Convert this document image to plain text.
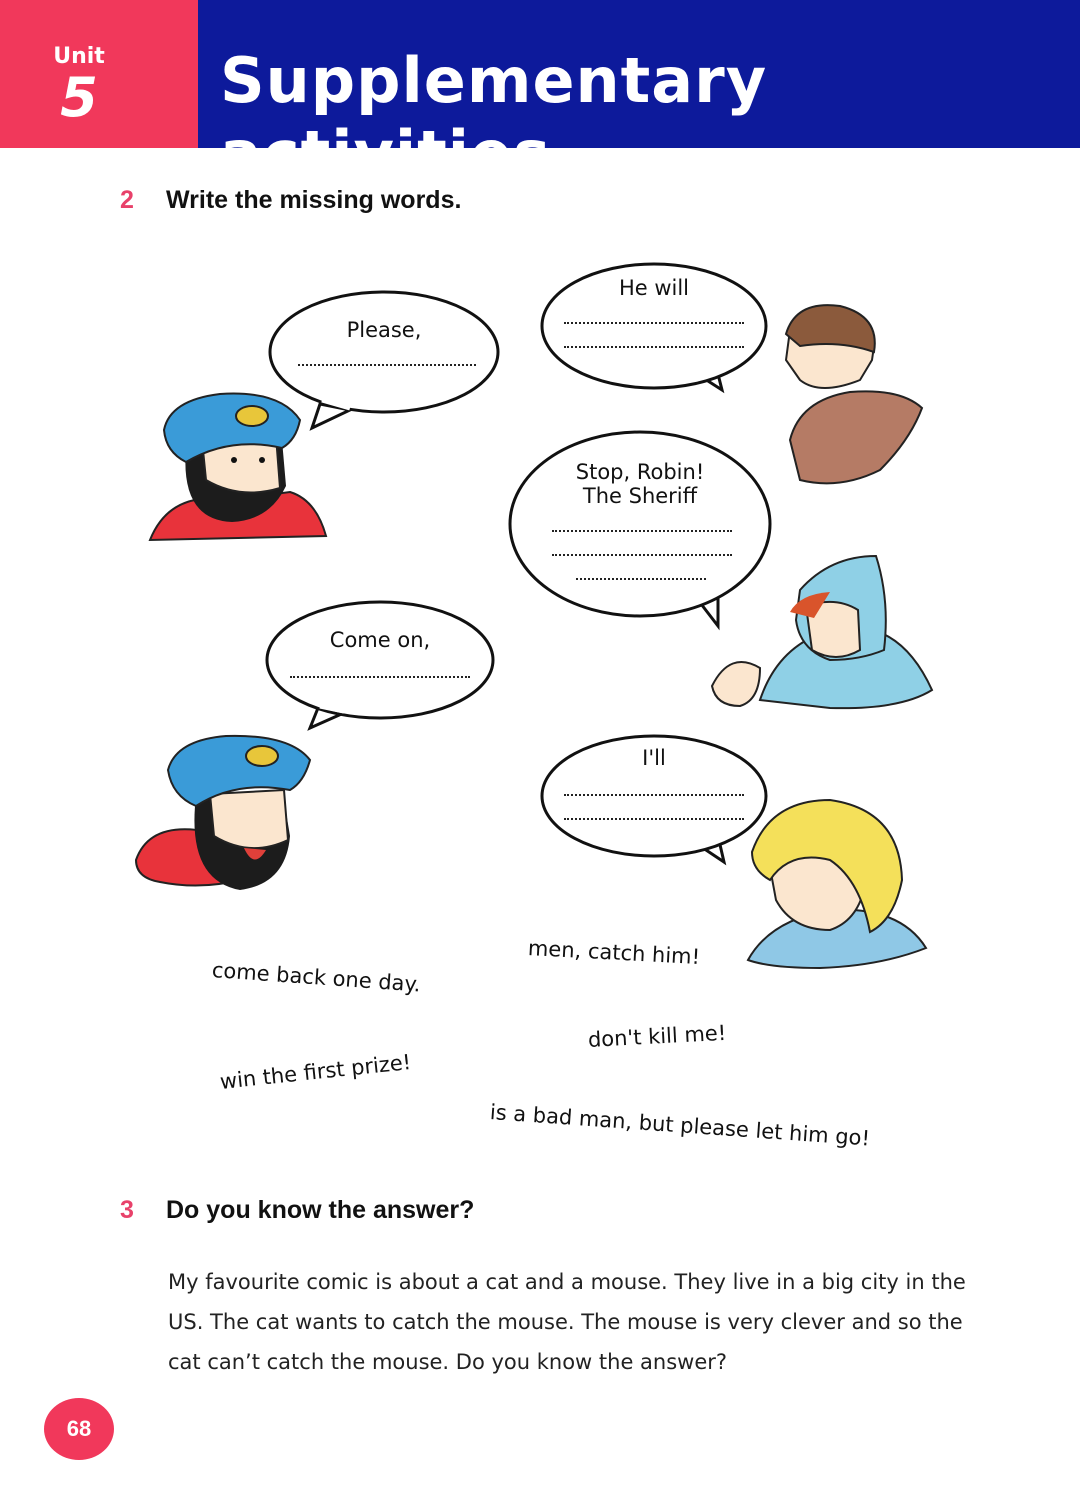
Unit
5	Supplementary activities
2 Write the missing words.
Please,
He will
Stop, Robin!
The Sheriff
Come on,
I'll
men, catch him!
come back one day.
don't kill me!
win the first prize!
is a bad man, but please let him go!
3 Do you know the answer?

My favourite comic is about a cat and a mouse. They live in a big city in the

US. The cat wants to catch the mouse. The mouse is very clever and so the

cat can’t catch the mouse. Do you know the answer?

68
